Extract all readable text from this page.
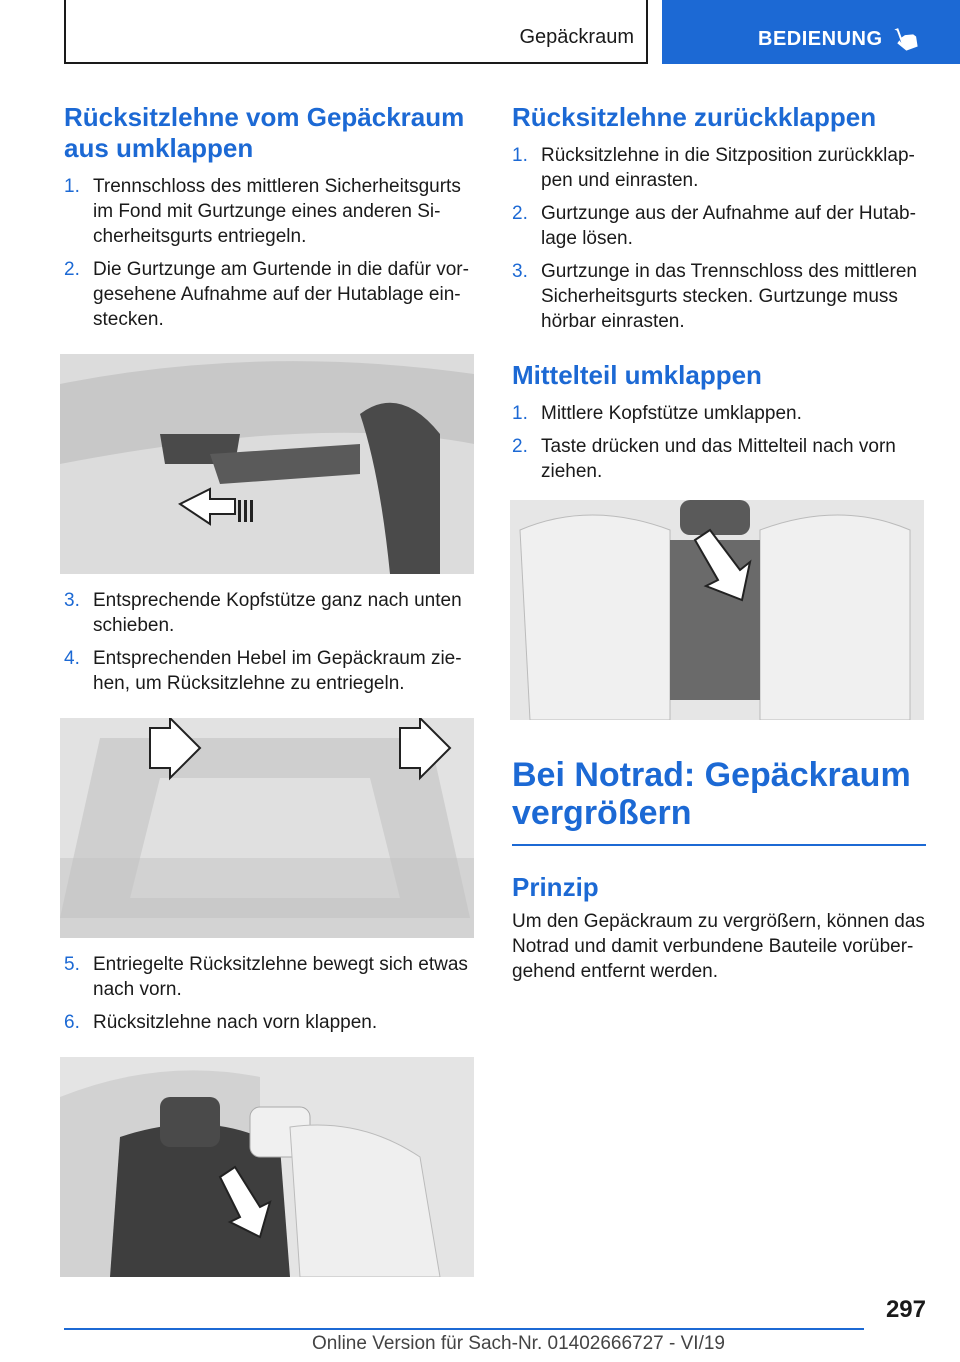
Gepäckraum	BEDIENUNG
Rücksitzlehne vom Gepäckraum aus umklappen
1. Trennschloss des mittleren Sicherheitsgurts im Fond mit Gurtzunge eines anderen Sicherheitsgurts entriegeln.
2. Die Gurtzunge am Gurtende in die dafür vorgesehene Aufnahme auf der Hutablage einstecken.
3. Entsprechende Kopfstütze ganz nach unten schieben.
4. Entsprechenden Hebel im Gepäckraum ziehen, um Rücksitzlehne zu entriegeln.
5. Entriegelte Rücksitzlehne bewegt sich etwas nach vorn.
6. Rücksitzlehne nach vorn klappen.
Rücksitzlehne zurückklappen
1. Rücksitzlehne in die Sitzposition zurückklappen und einrasten.
2. Gurtzunge aus der Aufnahme auf der Hutablage lösen.
3. Gurtzunge in das Trennschloss des mittleren Sicherheitsgurts stecken. Gurtzunge muss hörbar einrasten.
Mittelteil umklappen
1. Mittlere Kopfstütze umklappen.
2. Taste drücken und das Mittelteil nach vorn ziehen.
Bei Notrad: Gepäckraum vergrößern
Prinzip

Um den Gepäckraum zu vergrößern, können das Notrad und damit verbundene Bauteile vorübergehend entfernt werden.

297
Online Version für Sach-Nr. 01402666727 - VI/19
